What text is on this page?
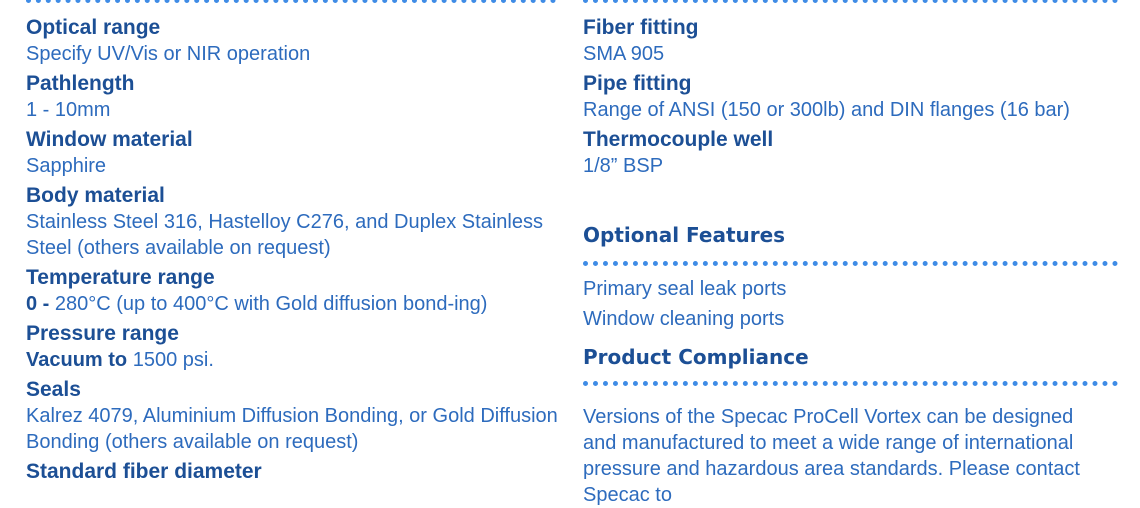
Optical range

Specify UV/Vis or NIR operation

Pathlength

1 - 10mm

Window material

Sapphire

Body material

Stainless Steel 316, Hastelloy C276, and Duplex Stainless Steel (others available on request)

Temperature range

0 - 280°C (up to 400°C with Gold diffusion bond-ing)

Pressure range

Vacuum to 1500 psi.

Seals

Kalrez 4079, Aluminium Diffusion Bonding, or Gold Diffusion Bonding (others available on request)

Standard fiber diameter

Fiber fitting

SMA 905

Pipe fitting

Range of ANSI (150 or 300lb) and DIN flanges (16 bar)

Thermocouple well

1/8” BSP

Optional Features

Primary seal leak ports

Window cleaning ports

Product Compliance

Versions of the Specac ProCell Vortex can be designed and manufactured to meet a wide range of international pressure and hazardous area standards. Please contact Specac to
